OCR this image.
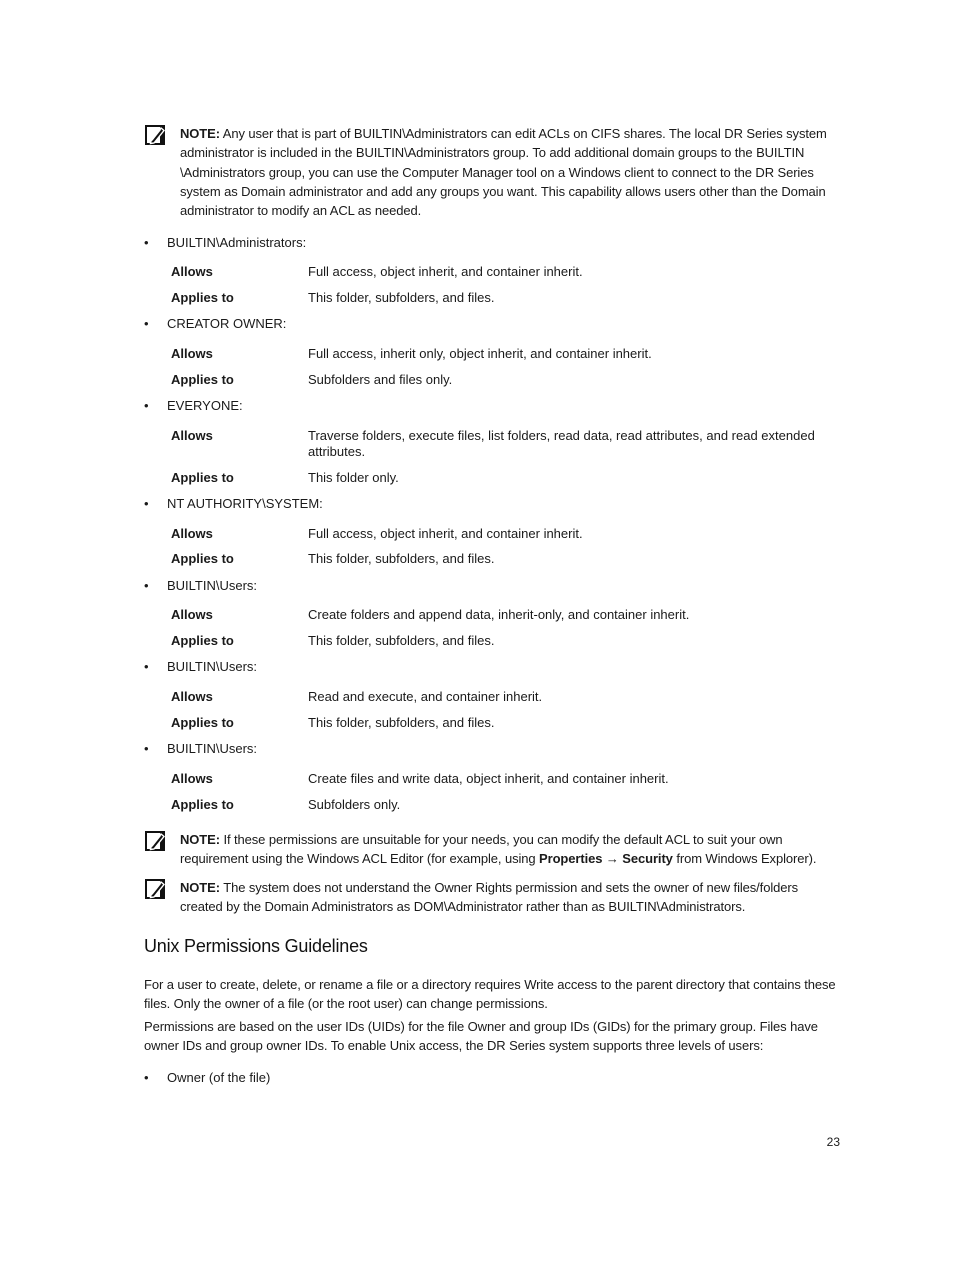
NOTE: Any user that is part of BUILTIN\Administrators can edit ACLs on CIFS shares. The local DR Series system administrator is included in the BUILTIN\Administrators group. To add additional domain groups to the BUILTIN \Administrators group, you can use the Computer Manager tool on a Windows client to connect to the DR Series system as Domain administrator and add any groups you want. This capability allows users other than the Domain administrator to modify an ACL as needed.
• BUILTIN\Administrators:
Allows	Full access, object inherit, and container inherit.
Applies to	This folder, subfolders, and files.
• CREATOR OWNER:
Allows	Full access, inherit only, object inherit, and container inherit.
Applies to	Subfolders and files only.
• EVERYONE:
Allows	Traverse folders, execute files, list folders, read data, read attributes, and read extended attributes.
Applies to	This folder only.
• NT AUTHORITY\SYSTEM:
Allows	Full access, object inherit, and container inherit.
Applies to	This folder, subfolders, and files.
• BUILTIN\Users:
Allows	Create folders and append data, inherit-only, and container inherit.
Applies to	This folder, subfolders, and files.
• BUILTIN\Users:
Allows	Read and execute, and container inherit.
Applies to	This folder, subfolders, and files.
• BUILTIN\Users:
Allows	Create files and write data, object inherit, and container inherit.
Applies to	Subfolders only.
NOTE: If these permissions are unsuitable for your needs, you can modify the default ACL to suit your own requirement using the Windows ACL Editor (for example, using Properties → Security from Windows Explorer).
NOTE: The system does not understand the Owner Rights permission and sets the owner of new files/folders created by the Domain Administrators as DOM\Administrator rather than as BUILTIN\Administrators.
Unix Permissions Guidelines

For a user to create, delete, or rename a file or a directory requires Write access to the parent directory that contains these files. Only the owner of a file (or the root user) can change permissions.

Permissions are based on the user IDs (UIDs) for the file Owner and group IDs (GIDs) for the primary group. Files have owner IDs and group owner IDs. To enable Unix access, the DR Series system supports three levels of users:

• Owner (of the file)
23
